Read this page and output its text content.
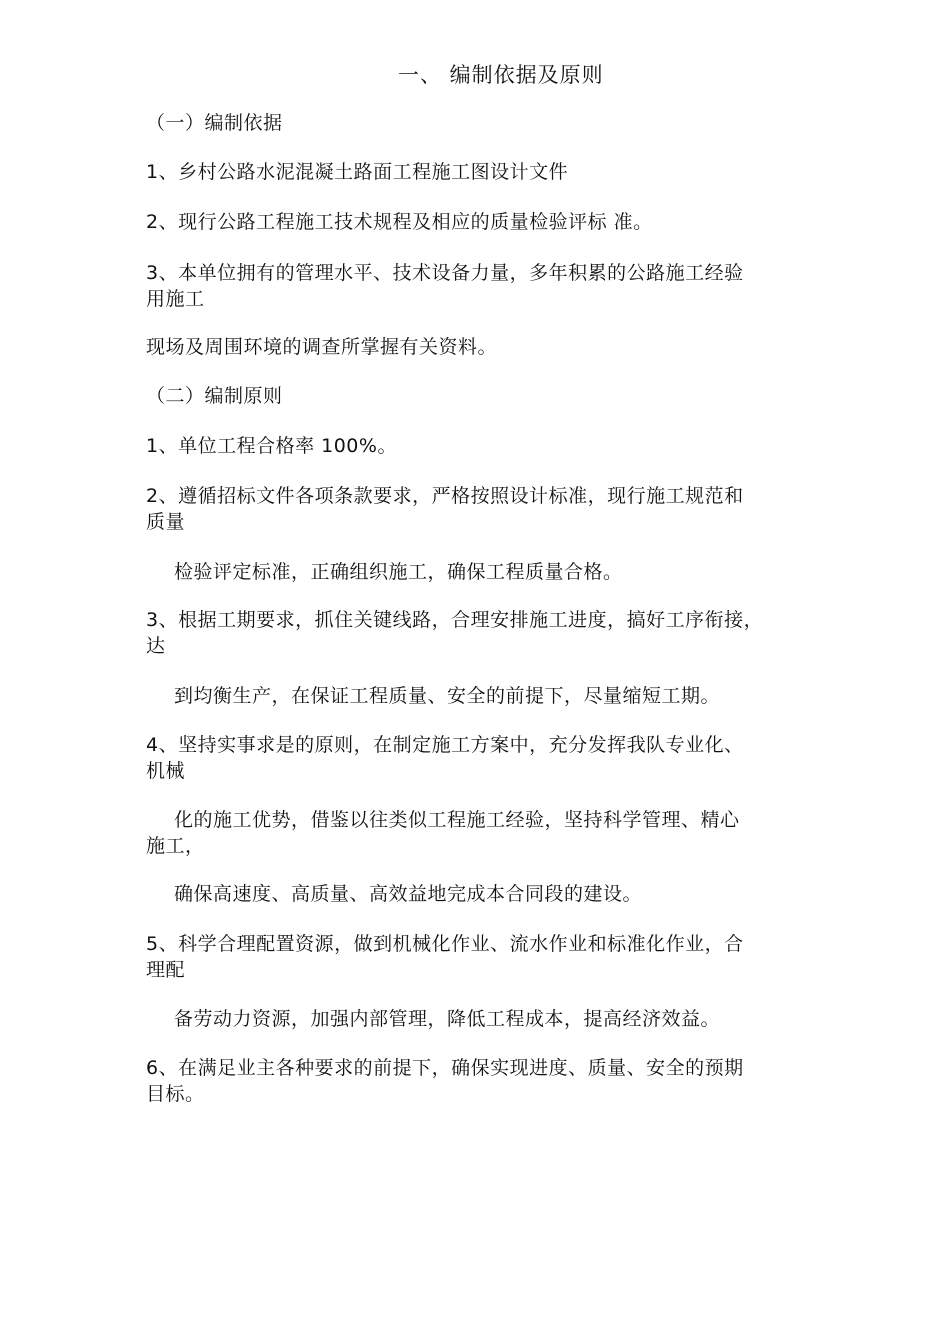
一、 编制依据及原则
（一）编制依据
1、乡村公路水泥混凝土路面工程施工图设计文件
2、现行公路工程施工技术规程及相应的质量检验评标 准。
3、本单位拥有的管理水平、技术设备力量，多年积累的公路施工经验
用施工
现场及周围环境的调查所掌握有关资料。
（二）编制原则
1、单位工程合格率 100%。
2、遵循招标文件各项条款要求，严格按照设计标准，现行施工规范和
质量
检验评定标准，正确组织施工，确保工程质量合格。
3、根据工期要求，抓住关键线路，合理安排施工进度，搞好工序衔接，
达
到均衡生产，在保证工程质量、安全的前提下，尽量缩短工期。
4、坚持实事求是的原则，在制定施工方案中，充分发挥我队专业化、
机械
化的施工优势，借鉴以往类似工程施工经验，坚持科学管理、精心
施工，
确保高速度、高质量、高效益地完成本合同段的建设。
5、科学合理配置资源，做到机械化作业、流水作业和标准化作业，合
理配
备劳动力资源，加强内部管理，降低工程成本，提高经济效益。
6、在满足业主各种要求的前提下，确保实现进度、质量、安全的预期
目标。
